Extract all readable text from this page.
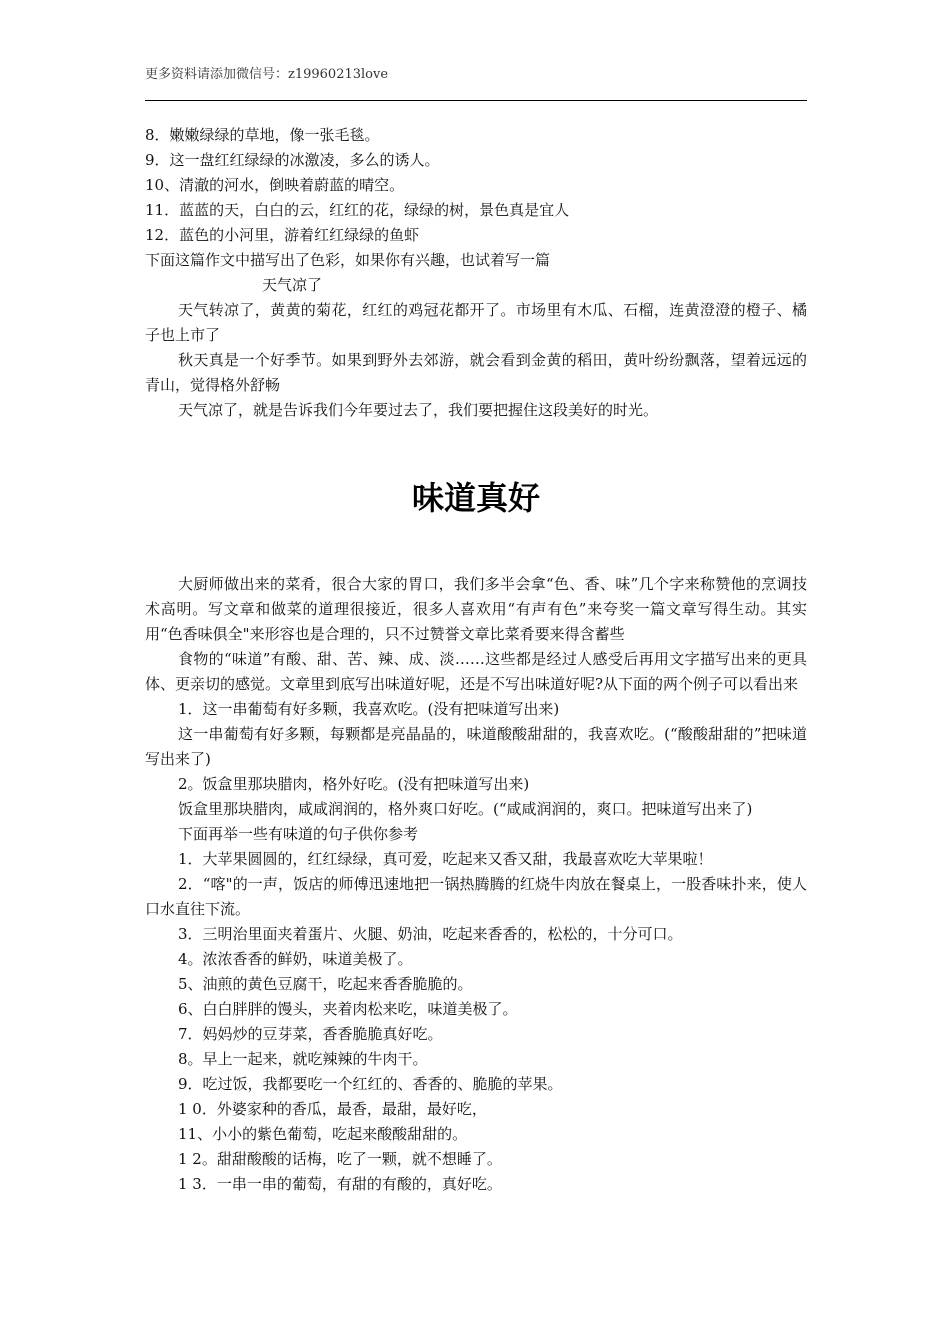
更多资料请添加微信号：z19960213love
8．嫩嫩绿绿的草地，像一张毛毯。
9．这一盘红红绿绿的冰激凌，多么的诱人。
10、清澈的河水，倒映着蔚蓝的晴空。
11．蓝蓝的天，白白的云，红红的花，绿绿的树，景色真是宜人
12．蓝色的小河里，游着红红绿绿的鱼虾
下面这篇作文中描写出了色彩，如果你有兴趣，也试着写一篇
天气凉了
天气转凉了，黄黄的菊花，红红的鸡冠花都开了。市场里有木瓜、石榴，连黄澄澄的橙子、橘子也上市了
秋天真是一个好季节。如果到野外去郊游，就会看到金黄的稻田，黄叶纷纷飘落，望着远远的青山，觉得格外舒畅
天气凉了，就是告诉我们今年要过去了，我们要把握住这段美好的时光。
味道真好
大厨师做出来的菜肴，很合大家的胃口，我们多半会拿“色、香、味”几个字来称赞他的烹调技术高明。写文章和做菜的道理很接近，很多人喜欢用“有声有色”来夸奖一篇文章写得生动。其实用“色香味俱全"来形容也是合理的，只不过赞誉文章比菜肴要来得含蓄些
食物的“味道”有酸、甜、苦、辣、成、淡……这些都是经过人感受后再用文字描写出来的更具体、更亲切的感觉。文章里到底写出味道好呢，还是不写出味道好呢?从下面的两个例子可以看出来
1．这一串葡萄有好多颗，我喜欢吃。(没有把味道写出来)
这一串葡萄有好多颗，每颗都是亮晶晶的，味道酸酸甜甜的，我喜欢吃。(“酸酸甜甜的”把味道写出来了)
2。饭盒里那块腊肉，格外好吃。(没有把味道写出来)
饭盒里那块腊肉，咸咸润润的，格外爽口好吃。(“咸咸润润的，爽口。把味道写出来了)
下面再举一些有味道的句子供你参考
1．大苹果圆圆的，红红绿绿，真可爱，吃起来又香又甜，我最喜欢吃大苹果啦！
2．“喀"的一声，饭店的师傅迅速地把一锅热腾腾的红烧牛肉放在餐桌上，一股香味扑来，使人口水直往下流。
3．三明治里面夹着蛋片、火腿、奶油，吃起来香香的，松松的，十分可口。
4。浓浓香香的鲜奶，味道美极了。
5、油煎的黄色豆腐干，吃起来香香脆脆的。
6、白白胖胖的馒头，夹着肉松来吃，味道美极了。
7．妈妈炒的豆芽菜，香香脆脆真好吃。
8。早上一起来，就吃辣辣的牛肉干。
9．吃过饭，我都要吃一个红红的、香香的、脆脆的苹果。
1 0．外婆家种的香瓜，最香，最甜，最好吃，
11、小小的紫色葡萄，吃起来酸酸甜甜的。
1 2。甜甜酸酸的话梅，吃了一颗，就不想睡了。
1 3．一串一串的葡萄，有甜的有酸的，真好吃。
